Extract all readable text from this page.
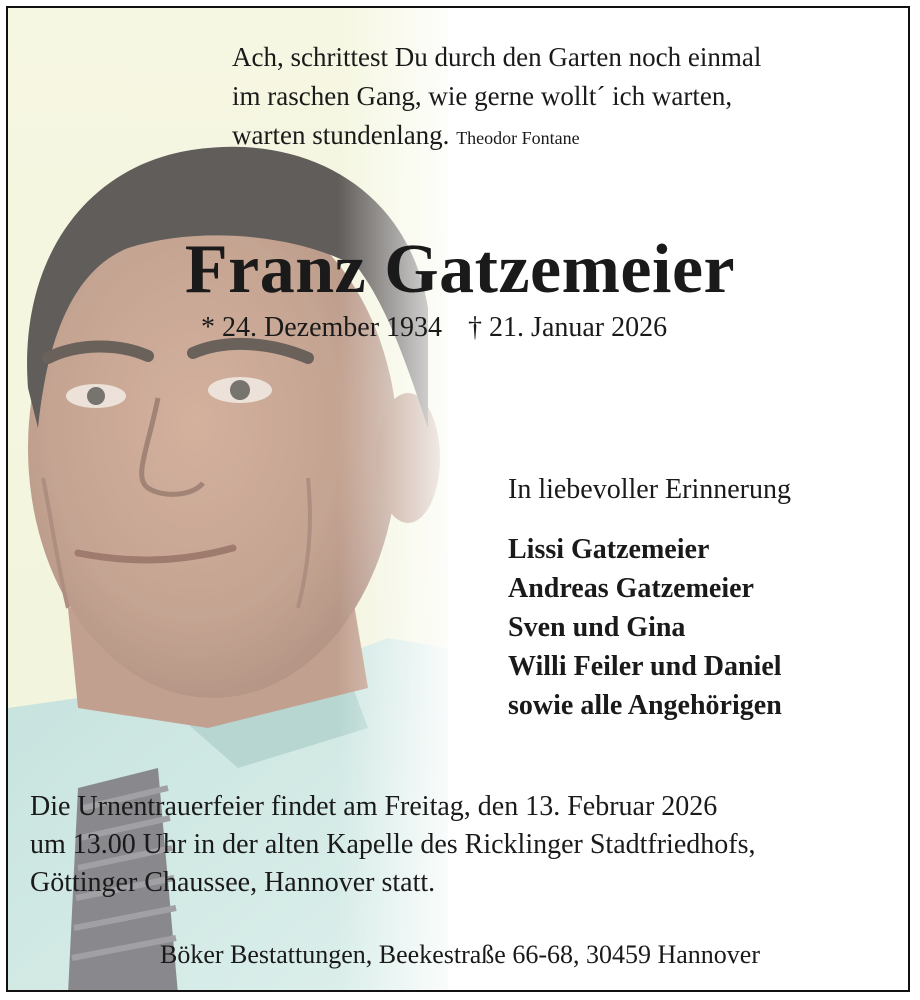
Ach, schrittest Du durch den Garten noch einmal
im raschen Gang, wie gerne wollt´ ich warten,
warten stundenlang. Theodor Fontane
Franz Gatzemeier
* 24. Dezember 1934 † 21. Januar 2026
In liebevoller Erinnerung
Lissi Gatzemeier
Andreas Gatzemeier
Sven und Gina
Willi Feiler und Daniel
sowie alle Angehörigen
Die Urnentrauerfeier findet am Freitag, den 13. Februar 2026
um 13.00 Uhr in der alten Kapelle des Ricklinger Stadtfriedhofs,
Göttinger Chaussee, Hannover statt.
Böker Bestattungen, Beekestraße 66-68, 30459 Hannover
